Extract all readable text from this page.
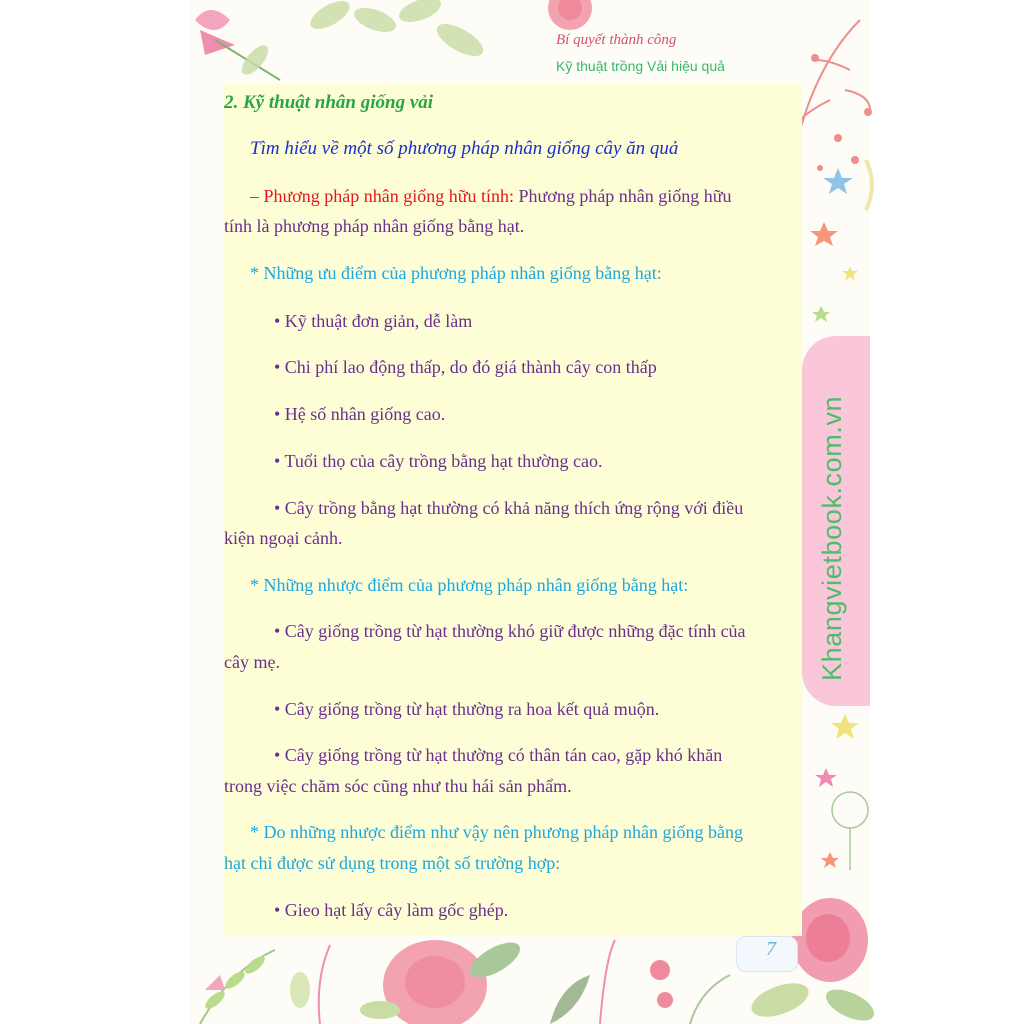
Bí quyết thành công
Kỹ thuật trồng Vải hiệu quả
Khangvietbook.com.vn

2. Kỹ thuật nhân giống vải

Tìm hiểu về một số phương pháp nhân giống cây ăn quả

– Phương pháp nhân giống hữu tính: Phương pháp nhân giống hữu

tính là phương pháp nhân giống bằng hạt.

* Những ưu điểm của phương pháp nhân giống bằng hạt:

• Kỹ thuật đơn giản, dễ làm

• Chi phí lao động thấp, do đó giá thành cây con thấp

• Hệ số nhân giống cao.

• Tuổi thọ của cây trồng bằng hạt thường cao.

• Cây trồng bằng hạt thường có khả năng thích ứng rộng với điều

kiện ngoại cảnh.

* Những nhược điểm của phương pháp nhân giống bằng hạt:

• Cây giống trồng từ hạt thường khó giữ được những đặc tính của

cây mẹ.

• Cây giống trồng từ hạt thường ra hoa kết quả muộn.

• Cây giống trồng từ hạt thường có thân tán cao, gặp khó khăn

trong việc chăm sóc cũng như thu hái sản phẩm.

* Do những nhược điểm như vậy nên phương pháp nhân giống bằng

hạt chỉ được sử dụng trong một số trường hợp:

• Gieo hạt lấy cây làm gốc ghép.

7
